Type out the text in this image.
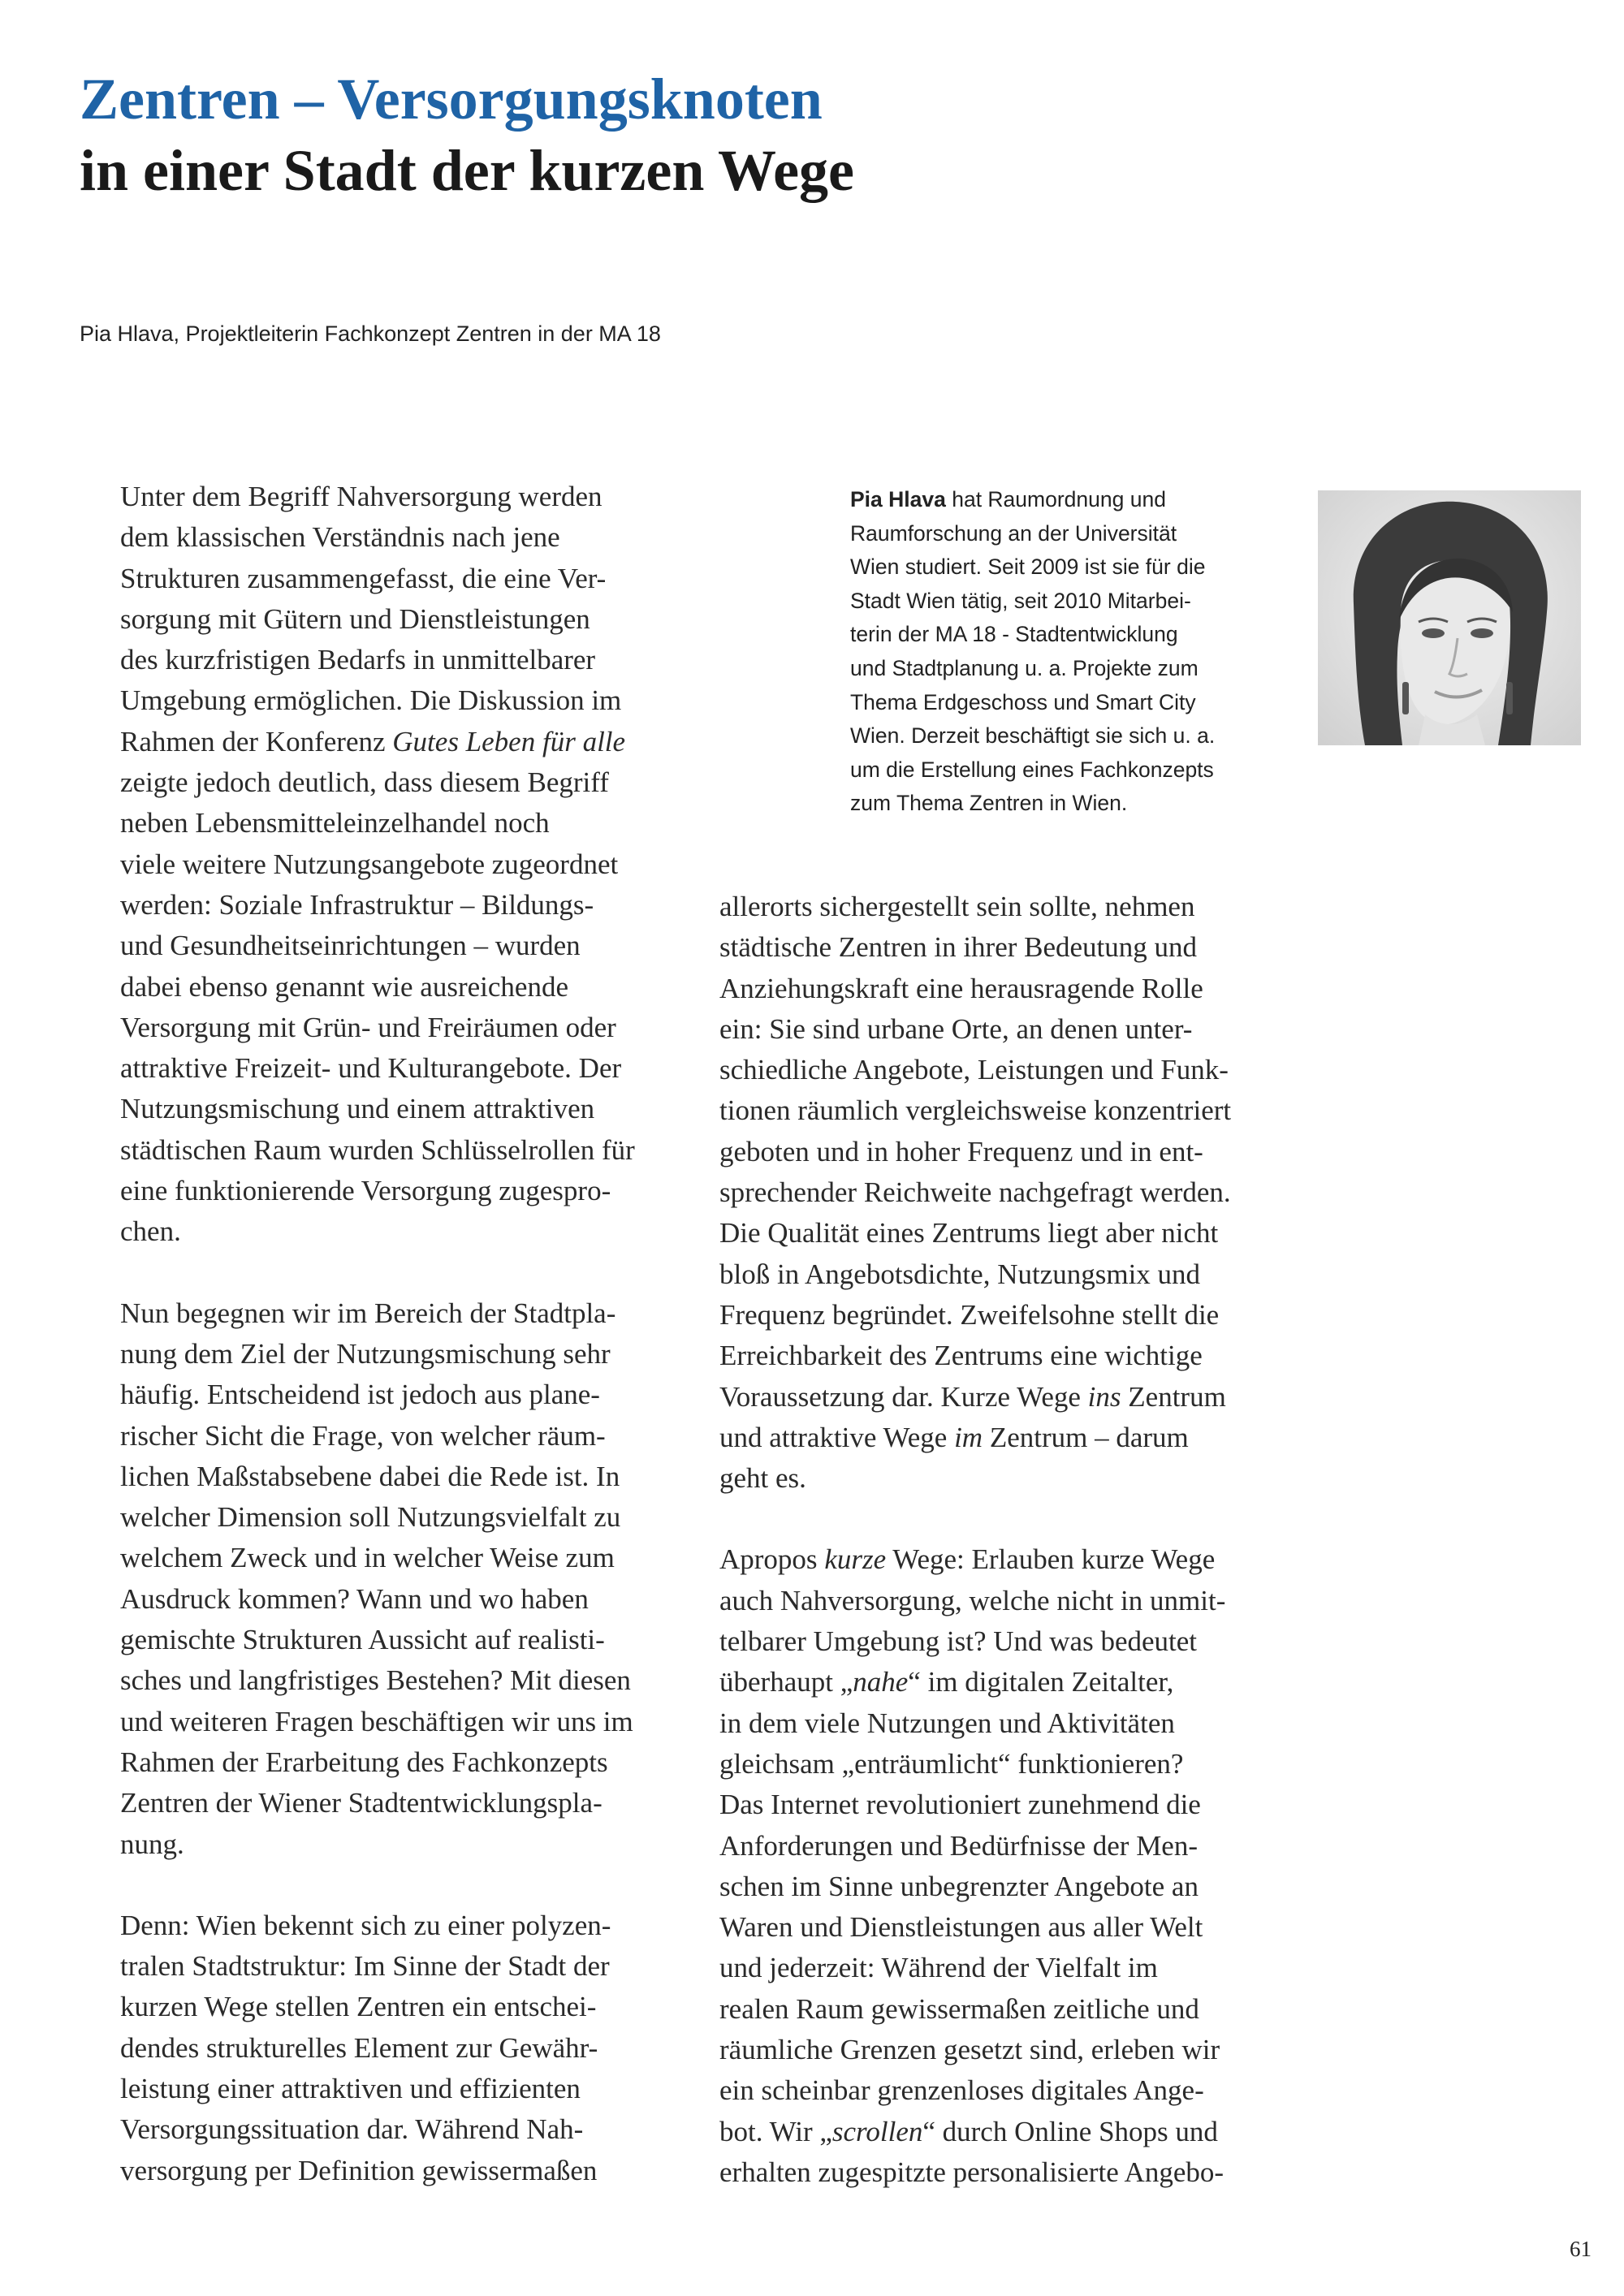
Zentren – Versorgungsknoten
in einer Stadt der kurzen Wege
Pia Hlava, Projektleiterin Fachkonzept Zentren in der MA 18

Unter dem Begriff Nahversorgung werden
dem klassischen Verständnis nach jene
Strukturen zusammengefasst, die eine Ver-
sorgung mit Gütern und Dienstleistungen
des kurzfristigen Bedarfs in unmittelbarer
Umgebung ermöglichen. Die Diskussion im
Rahmen der Konferenz Gutes Leben für alle
zeigte jedoch deutlich, dass diesem Begriff
neben Lebensmitteleinzelhandel noch
viele weitere Nutzungsangebote zugeordnet
werden: Soziale Infrastruktur – Bildungs-
und Gesundheitseinrichtungen – wurden
dabei ebenso genannt wie ausreichende
Versorgung mit Grün- und Freiräumen oder
attraktive Freizeit- und Kulturangebote. Der
Nutzungsmischung und einem attraktiven
städtischen Raum wurden Schlüsselrollen für
eine funktionierende Versorgung zugespro-
chen.

Nun begegnen wir im Bereich der Stadtpla-
nung dem Ziel der Nutzungsmischung sehr
häufig. Entscheidend ist jedoch aus plane-
rischer Sicht die Frage, von welcher räum-
lichen Maßstabsebene dabei die Rede ist. In
welcher Dimension soll Nutzungsvielfalt zu
welchem Zweck und in welcher Weise zum
Ausdruck kommen? Wann und wo haben
gemischte Strukturen Aussicht auf realisti-
sches und langfristiges Bestehen? Mit diesen
und weiteren Fragen beschäftigen wir uns im
Rahmen der Erarbeitung des Fachkonzepts
Zentren der Wiener Stadtentwicklungspla-
nung.

Denn: Wien bekennt sich zu einer polyzen-
tralen Stadtstruktur: Im Sinne der Stadt der
kurzen Wege stellen Zentren ein entschei-
dendes strukturelles Element zur Gewähr-
leistung einer attraktiven und effizienten
Versorgungssituation dar. Während Nah-
versorgung per Definition gewissermaßen

Pia Hlava hat Raumordnung und
Raumforschung an der Universität
Wien studiert. Seit 2009 ist sie für die
Stadt Wien tätig, seit 2010 Mitarbei-
terin der MA 18 - Stadtentwicklung
und Stadtplanung u. a. Projekte zum
Thema Erdgeschoss und Smart City
Wien. Derzeit beschäftigt sie sich u. a.
um die Erstellung eines Fachkonzepts
zum Thema Zentren in Wien.

allerorts sichergestellt sein sollte, nehmen
städtische Zentren in ihrer Bedeutung und
Anziehungskraft eine herausragende Rolle
ein: Sie sind urbane Orte, an denen unter-
schiedliche Angebote, Leistungen und Funk-
tionen räumlich vergleichsweise konzentriert
geboten und in hoher Frequenz und in ent-
sprechender Reichweite nachgefragt werden.
Die Qualität eines Zentrums liegt aber nicht
bloß in Angebotsdichte, Nutzungsmix und
Frequenz begründet. Zweifelsohne stellt die
Erreichbarkeit des Zentrums eine wichtige
Voraussetzung dar. Kurze Wege ins Zentrum
und attraktive Wege im Zentrum – darum
geht es.

Apropos kurze Wege: Erlauben kurze Wege
auch Nahversorgung, welche nicht in unmit-
telbarer Umgebung ist? Und was bedeutet
überhaupt „nahe“ im digitalen Zeitalter,
in dem viele Nutzungen und Aktivitäten
gleichsam „enträumlicht“ funktionieren?
Das Internet revolutioniert zunehmend die
Anforderungen und Bedürfnisse der Men-
schen im Sinne unbegrenzter Angebote an
Waren und Dienstleistungen aus aller Welt
und jederzeit: Während der Vielfalt im
realen Raum gewissermaßen zeitliche und
räumliche Grenzen gesetzt sind, erleben wir
ein scheinbar grenzenloses digitales Ange-
bot. Wir „scrollen“ durch Online Shops und
erhalten zugespitzte personalisierte Angebo-

61
